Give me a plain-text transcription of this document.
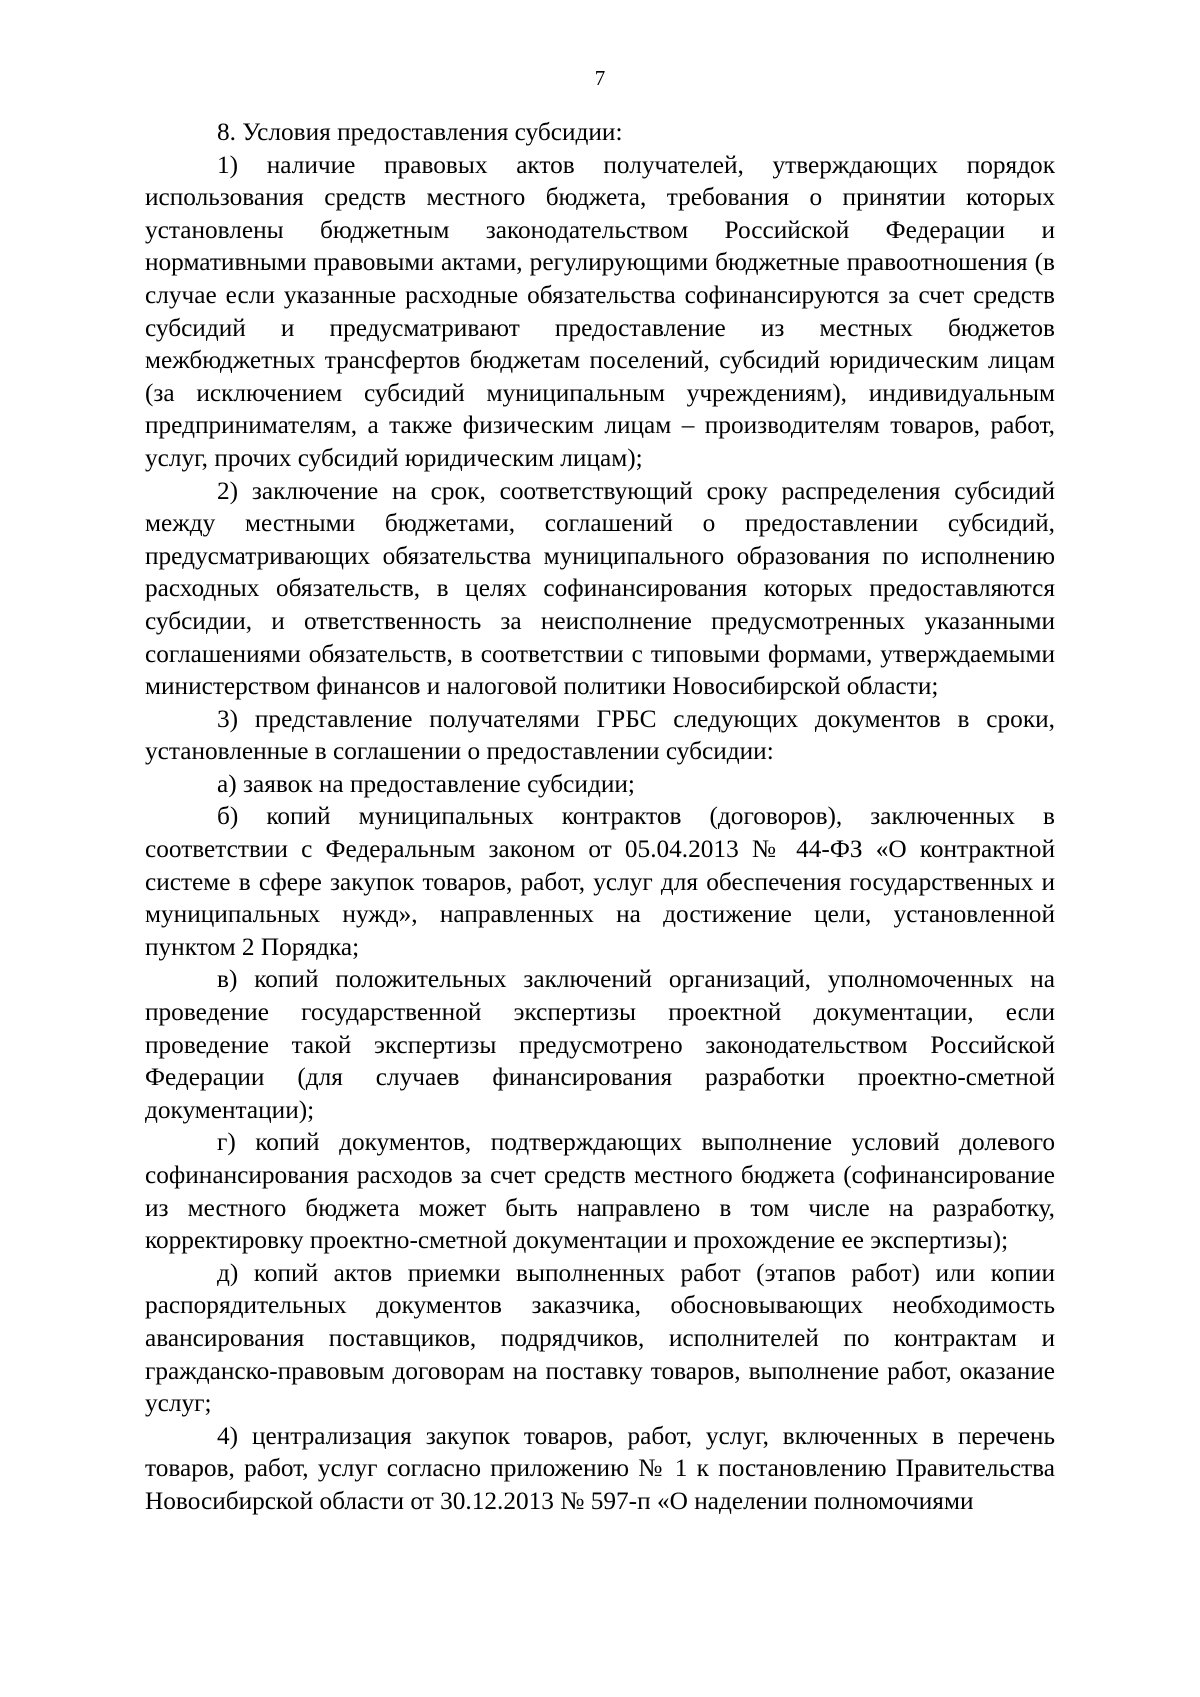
7

8. Условия предоставления субсидии:

1) наличие правовых актов получателей, утверждающих порядок использования средств местного бюджета, требования о принятии которых установлены бюджетным законодательством Российской Федерации и нормативными правовыми актами, регулирующими бюджетные правоотношения (в случае если указанные расходные обязательства софинансируются за счет средств субсидий и предусматривают предоставление из местных бюджетов межбюджетных трансфертов бюджетам поселений, субсидий юридическим лицам (за исключением субсидий муниципальным учреждениям), индивидуальным предпринимателям, а также физическим лицам – производителям товаров, работ, услуг, прочих субсидий юридическим лицам);

2) заключение на срок, соответствующий сроку распределения субсидий между местными бюджетами, соглашений о предоставлении субсидий, предусматривающих обязательства муниципального образования по исполнению расходных обязательств, в целях софинансирования которых предоставляются субсидии, и ответственность за неисполнение предусмотренных указанными соглашениями обязательств, в соответствии с типовыми формами, утверждаемыми министерством финансов и налоговой политики Новосибирской области;

3) представление получателями ГРБС следующих документов в сроки, установленные в соглашении о предоставлении субсидии:

а) заявок на предоставление субсидии;

б) копий муниципальных контрактов (договоров), заключенных в соответствии с Федеральным законом от 05.04.2013 № 44-ФЗ «О контрактной системе в сфере закупок товаров, работ, услуг для обеспечения государственных и муниципальных нужд», направленных на достижение цели, установленной пунктом 2 Порядка;

в) копий положительных заключений организаций, уполномоченных на проведение государственной экспертизы проектной документации, если проведение такой экспертизы предусмотрено законодательством Российской Федерации (для случаев финансирования разработки проектно-сметной документации);

г) копий документов, подтверждающих выполнение условий долевого софинансирования расходов за счет средств местного бюджета (софинансирование из местного бюджета может быть направлено в том числе на разработку, корректировку проектно-сметной документации и прохождение ее экспертизы);

д) копий актов приемки выполненных работ (этапов работ) или копии распорядительных документов заказчика, обосновывающих необходимость авансирования поставщиков, подрядчиков, исполнителей по контрактам и гражданско-правовым договорам на поставку товаров, выполнение работ, оказание услуг;

4) централизация закупок товаров, работ, услуг, включенных в перечень товаров, работ, услуг согласно приложению № 1 к постановлению Правительства Новосибирской области от 30.12.2013 № 597-п «О наделении полномочиями
